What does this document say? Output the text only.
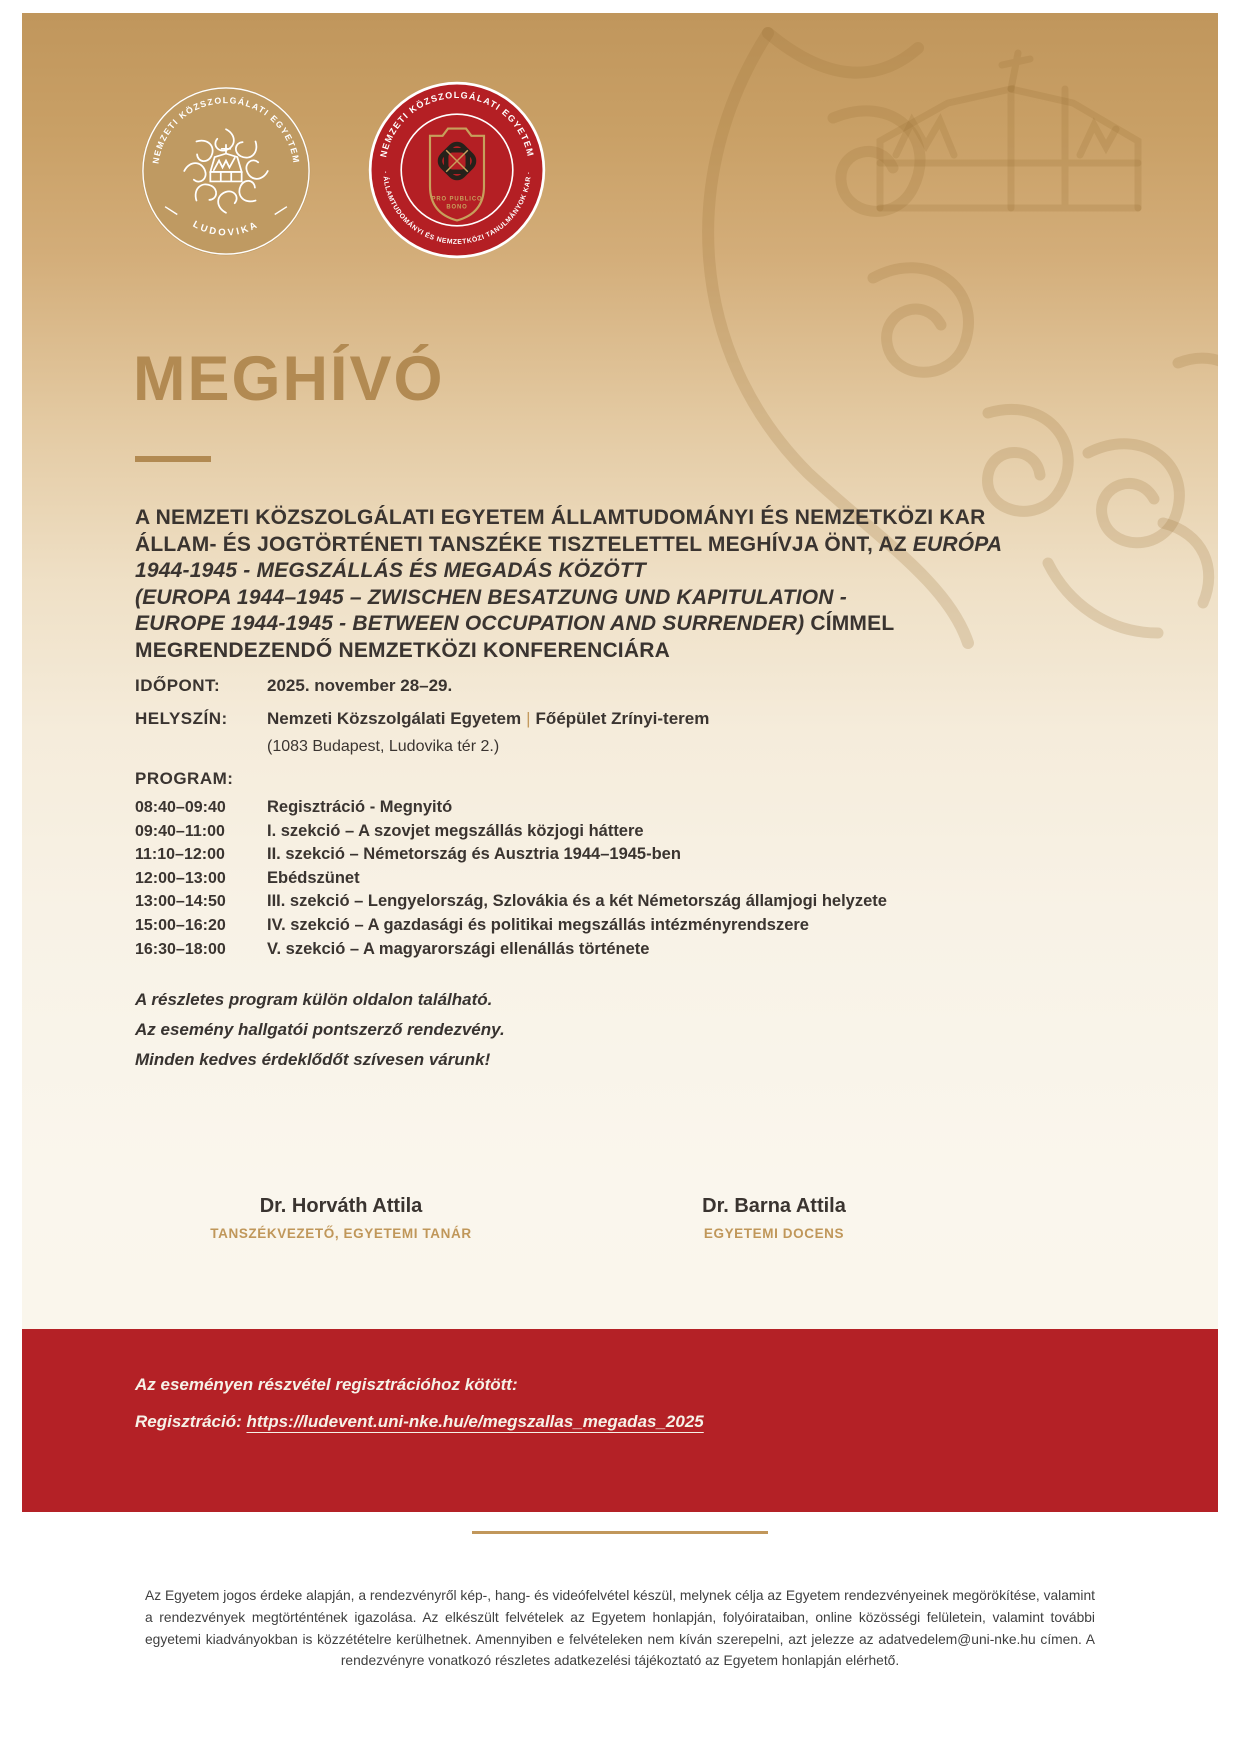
NEMZETI KÖZSZOLGÁLATI EGYETEM
LUDOVIKA
NEMZETI KÖZSZOLGÁLATI EGYETEM
· ÁLLAMTUDOMÁNYI ÉS NEMZETKÖZI TANULMÁNYOK KAR ·
PRO PUBLICO
BONO
MEGHÍVÓ

A NEMZETI KÖZSZOLGÁLATI EGYETEM ÁLLAMTUDOMÁNYI ÉS NEMZETKÖZI KAR
ÁLLAM- ÉS JOGTÖRTÉNETI TANSZÉKE TISZTELETTEL MEGHÍVJA ÖNT, AZ EURÓPA
1944-1945 - MEGSZÁLLÁS ÉS MEGADÁS KÖZÖTT
(EUROPA 1944–1945 – ZWISCHEN BESATZUNG UND KAPITULATION -
EUROPE 1944-1945 - BETWEEN OCCUPATION AND SURRENDER) CÍMMEL
MEGRENDEZENDŐ NEMZETKÖZI KONFERENCIÁRA

IDŐPONT:	2025. november 28–29.
HELYSZÍN:	Nemzeti Közszolgálati Egyetem | Főépület Zrínyi-terem
(1083 Budapest, Ludovika tér 2.)
PROGRAM:
08:40–09:40	Regisztráció - Megnyitó
09:40–11:00	I. szekció – A szovjet megszállás közjogi háttere
11:10–12:00	II. szekció – Németország és Ausztria 1944–1945-ben
12:00–13:00	Ebédszünet
13:00–14:50	III. szekció – Lengyelország, Szlovákia és a két Németország államjogi helyzete
15:00–16:20	IV. szekció – A gazdasági és politikai megszállás intézményrendszere
16:30–18:00	V. szekció – A magyarországi ellenállás története

A részletes program külön oldalon található.

Az esemény hallgatói pontszerző rendezvény.

Minden kedves érdeklődőt szívesen várunk!

Dr. Horváth Attila
TANSZÉKVEZETŐ, EGYETEMI TANÁR
Dr. Barna Attila
EGYETEMI DOCENS
Az eseményen részvétel regisztrációhoz kötött:
Regisztráció: https://ludevent.uni-nke.hu/e/megszallas_megadas_2025

Az Egyetem jogos érdeke alapján, a rendezvényről kép-, hang- és videófelvétel készül, melynek célja az Egyetem rendezvényeinek megörökítése, valamint a rendezvények megtörténtének igazolása. Az elkészült felvételek az Egyetem honlapján, folyóirataiban, online közösségi felületein, valamint további egyetemi kiadványokban is közzétételre kerülhetnek. Amennyiben e felvételeken nem kíván szerepelni, azt jelezze az adatvedelem@uni-nke.hu címen. A rendezvényre vonatkozó részletes adatkezelési tájékoztató az Egyetem honlapján elérhető.
